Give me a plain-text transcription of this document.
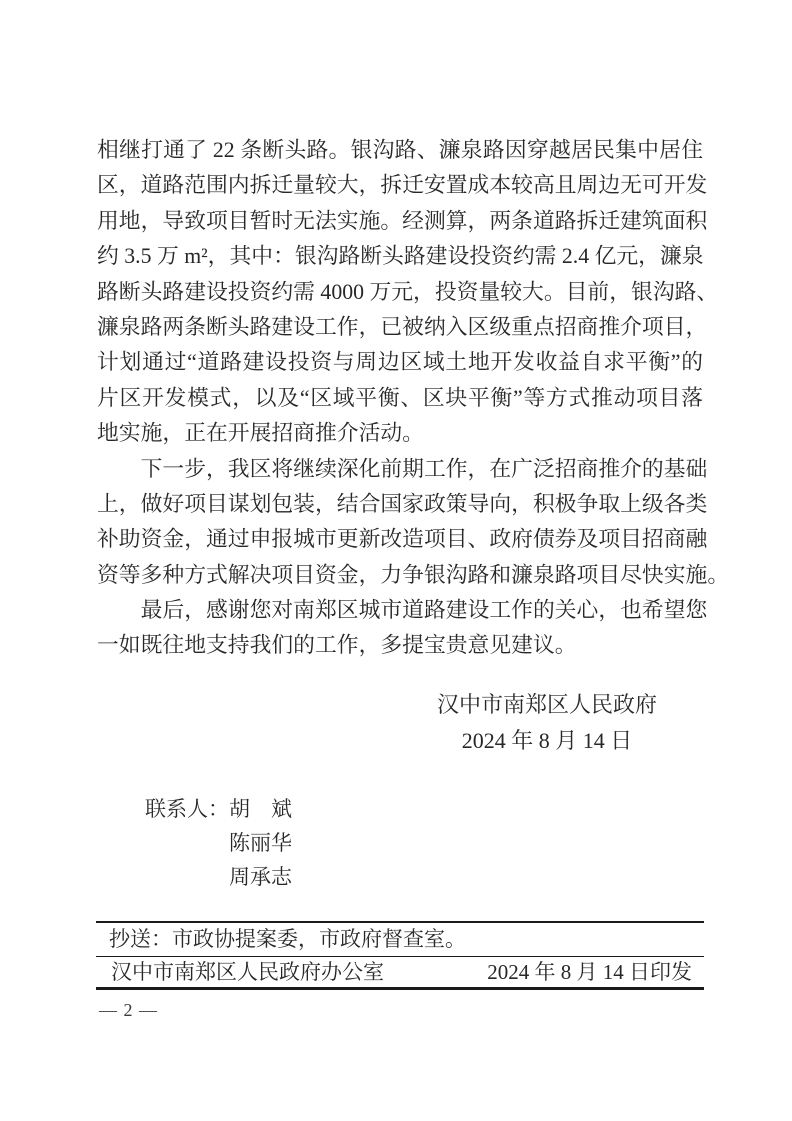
相继打通了 22 条断头路。银沟路、濂泉路因穿越居民集中居住
区，道路范围内拆迁量较大，拆迁安置成本较高且周边无可开发
用地，导致项目暂时无法实施。经测算，两条道路拆迁建筑面积
约 3.5 万 m²，其中：银沟路断头路建设投资约需 2.4 亿元，濂泉
路断头路建设投资约需 4000 万元，投资量较大。目前，银沟路、
濂泉路两条断头路建设工作，已被纳入区级重点招商推介项目，
计划通过“道路建设投资与周边区域土地开发收益自求平衡”的
片区开发模式，以及“区域平衡、区块平衡”等方式推动项目落
地实施，正在开展招商推介活动。
下一步，我区将继续深化前期工作，在广泛招商推介的基础
上，做好项目谋划包装，结合国家政策导向，积极争取上级各类
补助资金，通过申报城市更新改造项目、政府债券及项目招商融
资等多种方式解决项目资金，力争银沟路和濂泉路项目尽快实施。
最后，感谢您对南郑区城市道路建设工作的关心，也希望您
一如既往地支持我们的工作，多提宝贵意见建议。
汉中市南郑区人民政府
2024 年 8 月 14 日
联系人： 胡　斌
陈丽华
周承志
抄送：市政协提案委，市政府督查室。
汉中市南郑区人民政府办公室	2024 年 8 月 14 日印发
— 2 —
